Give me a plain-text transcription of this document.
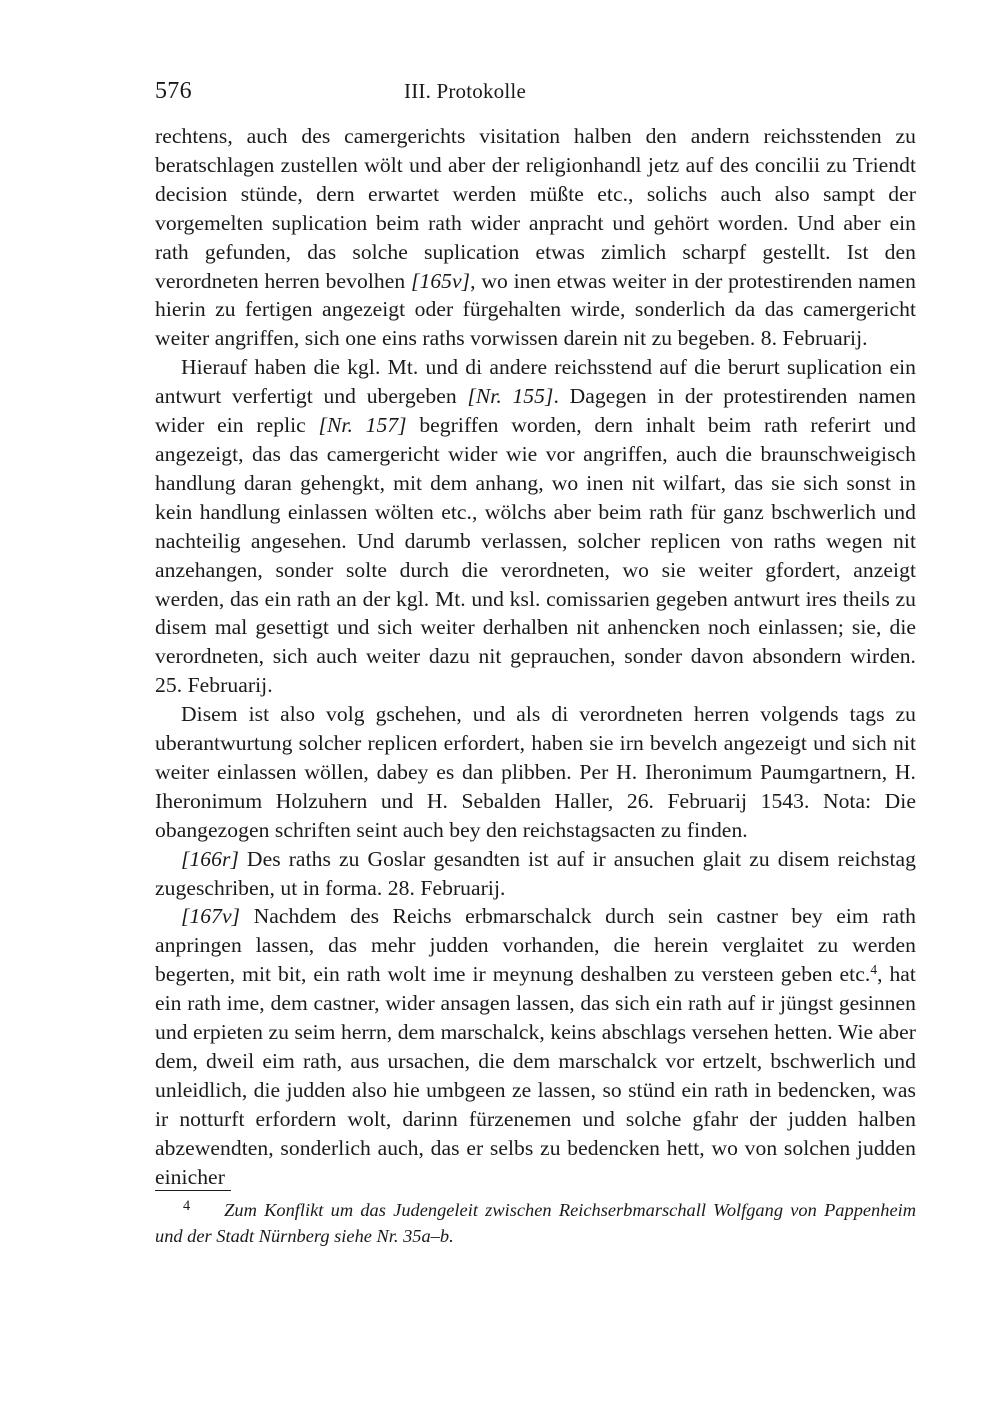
576	III. Protokolle

rechtens, auch des camergerichts visitation halben den andern reichsstenden zu beratschlagen zustellen wölt und aber der religionhandl jetz auf des concilii zu Triendt decision stünde, dern erwartet werden müßte etc., solichs auch also sampt der vorgemelten suplication beim rath wider anpracht und gehört worden. Und aber ein rath gefunden, das solche suplication etwas zimlich scharpf gestellt. Ist den verordneten herren bevolhen [165v], wo inen etwas weiter in der protestirenden namen hierin zu fertigen angezeigt oder fürgehalten wirde, sonderlich da das camergericht weiter angriffen, sich one eins raths vorwissen darein nit zu begeben. 8. Februarij.

Hierauf haben die kgl. Mt. und di andere reichsstend auf die berurt suplication ein antwurt verfertigt und ubergeben [Nr. 155]. Dagegen in der protestirenden namen wider ein replic [Nr. 157] begriffen worden, dern inhalt beim rath referirt und angezeigt, das das camergericht wider wie vor angriffen, auch die braunschweigisch handlung daran gehengkt, mit dem anhang, wo inen nit wilfart, das sie sich sonst in kein handlung einlassen wölten etc., wölchs aber beim rath für ganz bschwerlich und nachteilig angesehen. Und darumb verlassen, solcher replicen von raths wegen nit anzehangen, sonder solte durch die verordneten, wo sie weiter gfordert, anzeigt werden, das ein rath an der kgl. Mt. und ksl. comissarien gegeben antwurt ires theils zu disem mal gesettigt und sich weiter derhalben nit anhencken noch einlassen; sie, die verordneten, sich auch weiter dazu nit geprauchen, sonder davon absondern wirden. 25. Februarij.

Disem ist also volg gschehen, und als di verordneten herren volgends tags zu uberantwurtung solcher replicen erfordert, haben sie irn bevelch angezeigt und sich nit weiter einlassen wöllen, dabey es dan plibben. Per H. Iheronimum Paumgartnern, H. Iheronimum Holzuhern und H. Sebalden Haller, 26. Februarij 1543. Nota: Die obangezogen schriften seint auch bey den reichstagsacten zu finden.

[166r] Des raths zu Goslar gesandten ist auf ir ansuchen glait zu disem reichstag zugeschriben, ut in forma. 28. Februarij.

[167v] Nachdem des Reichs erbmarschalck durch sein castner bey eim rath anpringen lassen, das mehr judden vorhanden, die herein verglaitet zu werden begerten, mit bit, ein rath wolt ime ir meynung deshalben zu versteen geben etc.$^4$, hat ein rath ime, dem castner, wider ansagen lassen, das sich ein rath auf ir jüngst gesinnen und erpieten zu seim herrn, dem marschalck, keins abschlags versehen hetten. Wie aber dem, dweil eim rath, aus ursachen, die dem marschalck vor ertzelt, bschwerlich und unleidlich, die judden also hie umbgeen ze lassen, so stünd ein rath in bedencken, was ir notturft erfordern wolt, darinn fürzenemen und solche gfahr der judden halben abzewendten, sonderlich auch, das er selbs zu bedencken hett, wo von solchen judden einicher

$^4$ Zum Konflikt um das Judengeleit zwischen Reichserbmarschall Wolfgang von Pappenheim und der Stadt Nürnberg siehe Nr. 35a–b.
